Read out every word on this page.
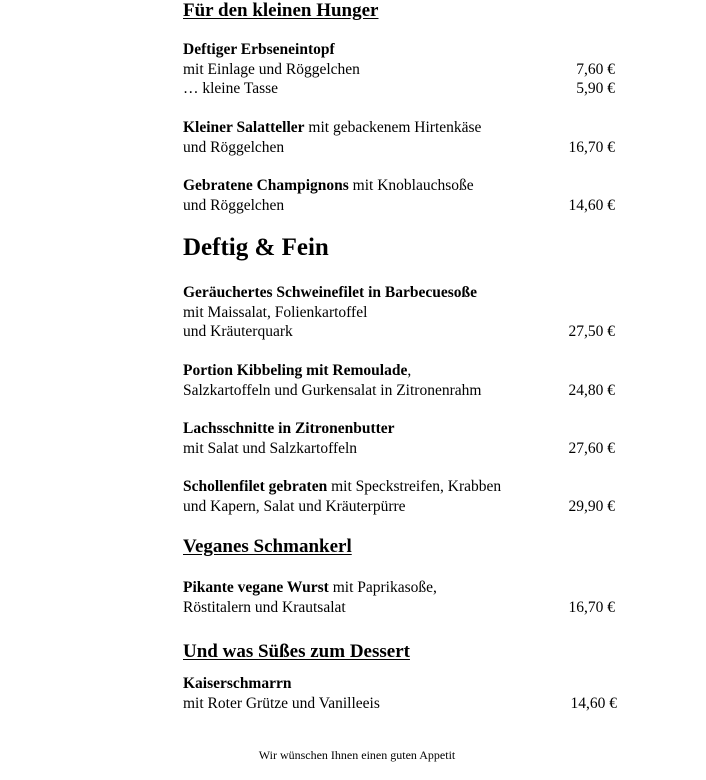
Für den kleinen Hunger
Deftiger Erbseneintopf
mit Einlage und Röggelchen	7,60 €
… kleine Tasse	5,90 €
Kleiner Salatteller mit gebackenem Hirtenkäse
und Röggelchen	16,70 €
Gebratene Champignons mit Knoblauchsoße
und Röggelchen	14,60 €
Deftig & Fein
Geräuchertes Schweinefilet in Barbecuesoße
mit Maissalat, Folienkartoffel
und Kräuterquark	27,50 €
Portion Kibbeling mit Remoulade,
Salzkartoffeln und Gurkensalat in Zitronenrahm	24,80 €
Lachsschnitte in Zitronenbutter
mit Salat und Salzkartoffeln	27,60 €
Schollenfilet gebraten mit Speckstreifen, Krabben
und Kapern, Salat und Kräuterpürre	29,90 €
Veganes Schmankerl
Pikante vegane Wurst mit Paprikasoße,
Röstitalern und Krautsalat	16,70 €
Und was Süßes zum Dessert
Kaiserschmarrn
mit Roter Grütze und Vanilleeis	14,60 €
Wir wünschen Ihnen einen guten Appetit
